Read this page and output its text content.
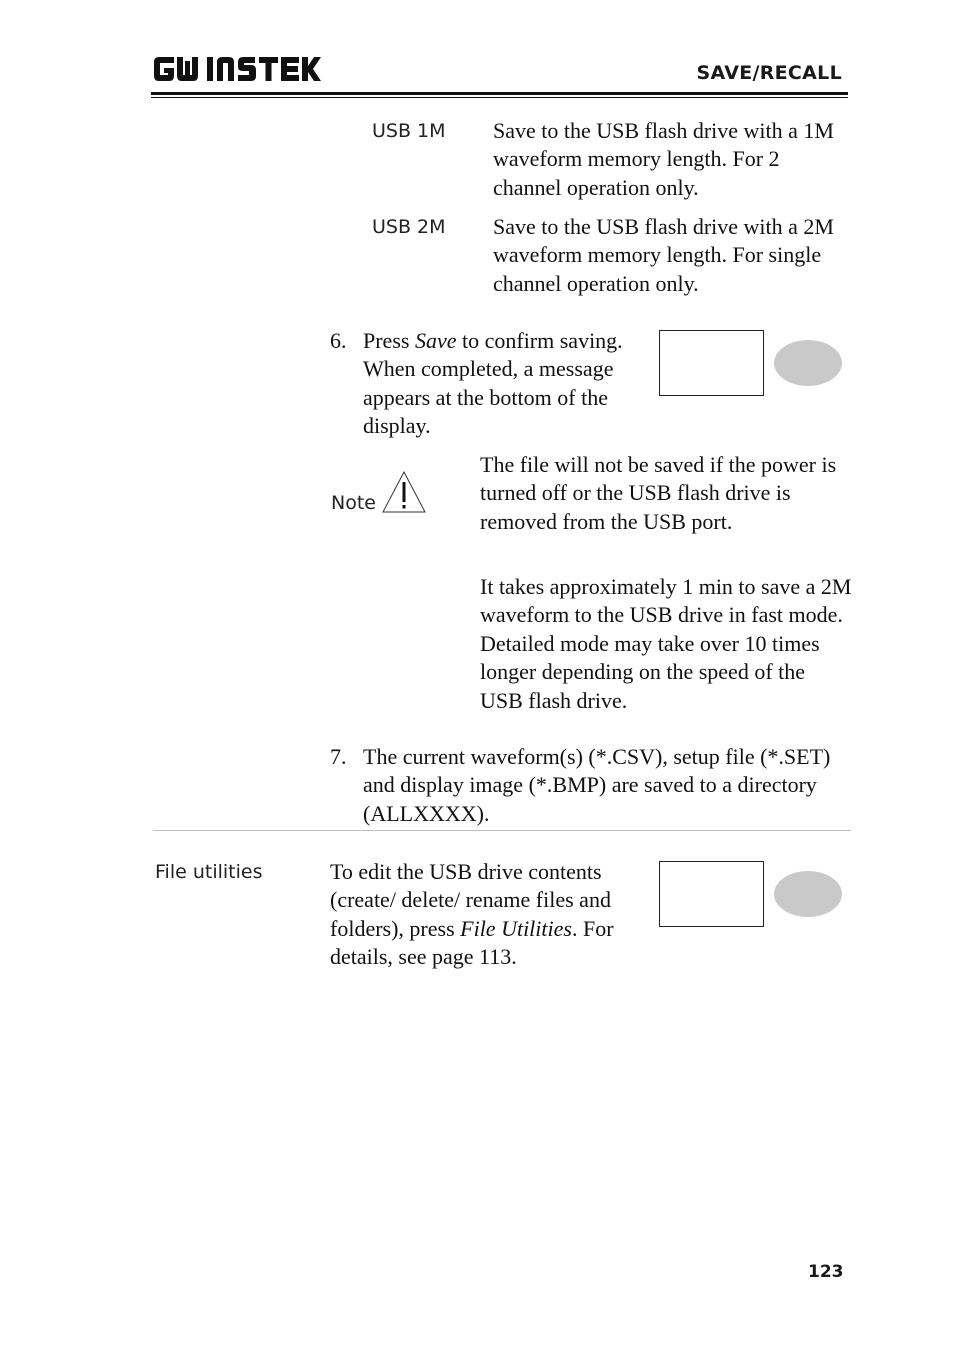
SAVE/RECALL
USB 1M Save to the USB flash drive with a 1M waveform memory length. For 2 channel operation only.
USB 2M Save to the USB flash drive with a 2M waveform memory length. For single channel operation only.
6. Press Save to confirm saving. When completed, a message appears at the bottom of the display.
Note
The file will not be saved if the power is turned off or the USB flash drive is removed from the USB port.
It takes approximately 1 min to save a 2M waveform to the USB drive in fast mode. Detailed mode may take over 10 times longer depending on the speed of the USB flash drive.
7. The current waveform(s) (*.CSV), setup file (*.SET) and display image (*.BMP) are saved to a directory (ALLXXXX).
File utilities	To edit the USB drive contents (create/ delete/ rename files and folders), press File Utilities. For details, see page 113.
123
